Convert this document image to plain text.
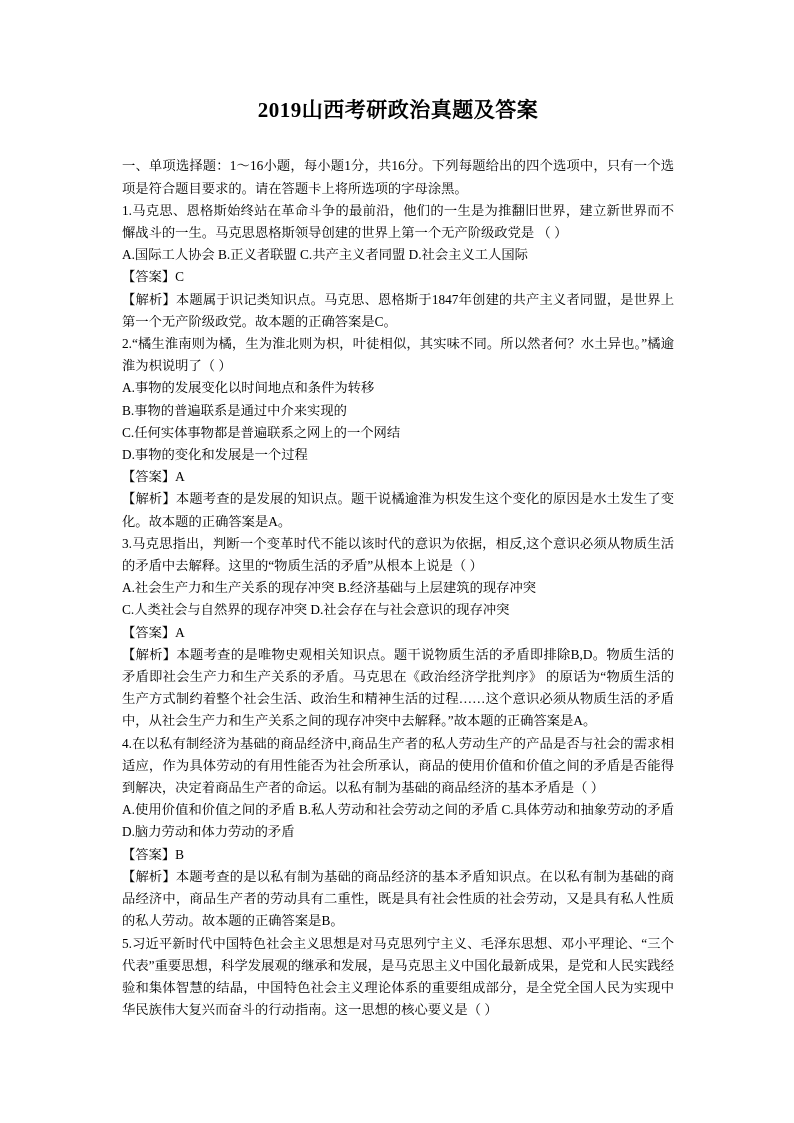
2019山西考研政治真题及答案

一、单项选择题：1～16小题，每小题1分，共16分。下列每题给出的四个选项中，只有一个选项是符合题目要求的。请在答题卡上将所选项的字母涂黑。

1.马克思、恩格斯始终站在革命斗争的最前沿，他们的一生是为推翻旧世界，建立新世界而不懈战斗的一生。马克思恩格斯领导创建的世界上第一个无产阶级政党是 （ ）

A.国际工人协会 B.正义者联盟 C.共产主义者同盟 D.社会主义工人国际

【答案】C

【解析】本题属于识记类知识点。马克思、恩格斯于1847年创建的共产主义者同盟，是世界上第一个无产阶级政党。故本题的正确答案是C。

2.“橘生淮南则为橘，生为淮北则为枳，叶徒相似，其实味不同。所以然者何？水土异也。”橘逾淮为枳说明了（ ）

A.事物的发展变化以时间地点和条件为转移

B.事物的普遍联系是通过中介来实现的

C.任何实体事物都是普遍联系之网上的一个网结

D.事物的变化和发展是一个过程

【答案】A

【解析】本题考查的是发展的知识点。题干说橘逾淮为枳发生这个变化的原因是水土发生了变化。故本题的正确答案是A。

3.马克思指出，判断一个变革时代不能以该时代的意识为依据，相反,这个意识必须从物质生活的矛盾中去解释。这里的“物质生活的矛盾”从根本上说是（ ）

A.社会生产力和生产关系的现存冲突 B.经济基础与上层建筑的现存冲突

C.人类社会与自然界的现存冲突 D.社会存在与社会意识的现存冲突

【答案】A

【解析】本题考查的是唯物史观相关知识点。题干说物质生活的矛盾即排除B,D。物质生活的矛盾即社会生产力和生产关系的矛盾。马克思在《政治经济学批判序》 的原话为“物质生活的生产方式制约着整个社会生活、政治生和精神生活的过程……这个意识必须从物质生活的矛盾中，从社会生产力和生产关系之间的现存冲突中去解释。”故本题的正确答案是A。

4.在以私有制经济为基础的商品经济中,商品生产者的私人劳动生产的产品是否与社会的需求相适应，作为具体劳动的有用性能否为社会所承认，商品的使用价值和价值之间的矛盾是否能得到解决，决定着商品生产者的命运。以私有制为基础的商品经济的基本矛盾是（ ）

A.使用价值和价值之间的矛盾 B.私人劳动和社会劳动之间的矛盾 C.具体劳动和抽象劳动的矛盾 D.脑力劳动和体力劳动的矛盾

【答案】B

【解析】本题考查的是以私有制为基础的商品经济的基本矛盾知识点。在以私有制为基础的商品经济中，商品生产者的劳动具有二重性，既是具有社会性质的社会劳动，又是具有私人性质的私人劳动。故本题的正确答案是B。

5.习近平新时代中国特色社会主义思想是对马克思列宁主义、毛泽东思想、邓小平理论、“三个代表”重要思想，科学发展观的继承和发展，是马克思主义中国化最新成果，是党和人民实践经验和集体智慧的结晶，中国特色社会主义理论体系的重要组成部分，是全党全国人民为实现中华民族伟大复兴而奋斗的行动指南。这一思想的核心要义是（ ）
